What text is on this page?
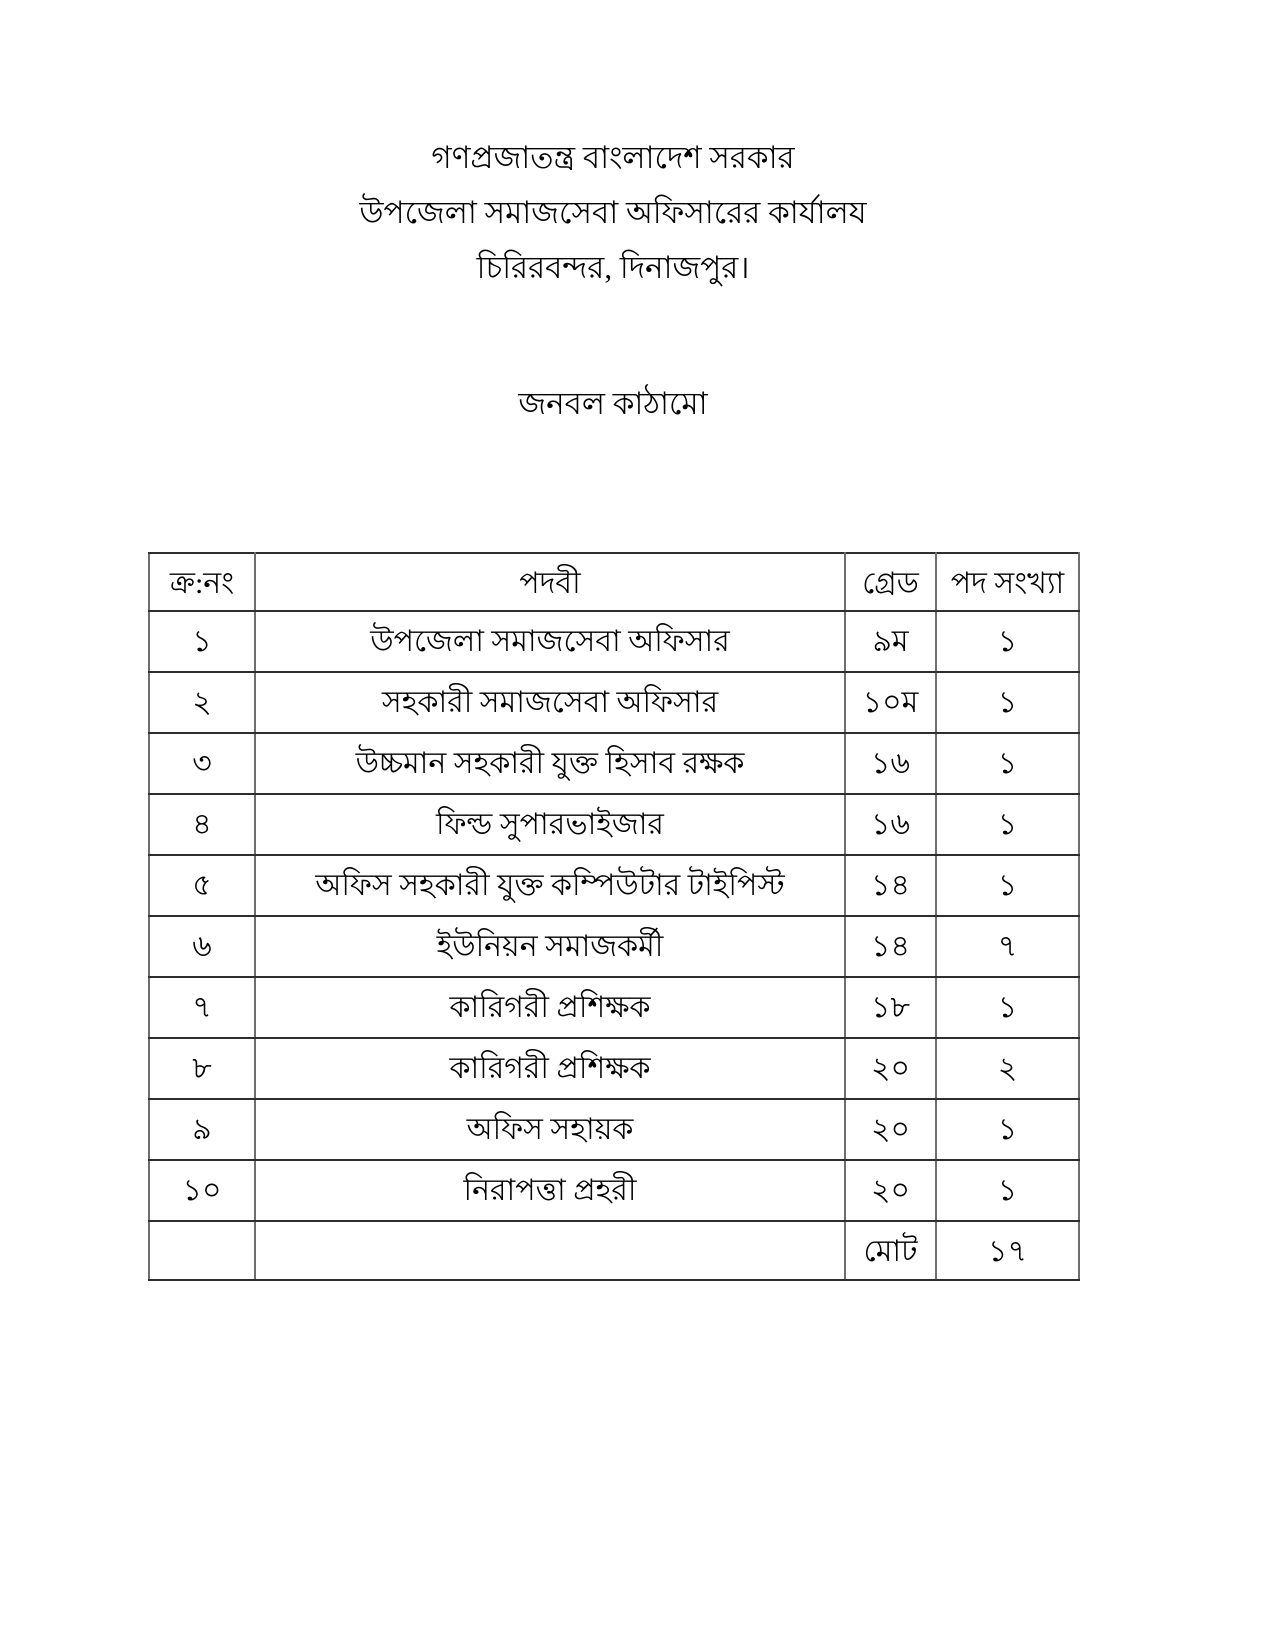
গণপ্রজাতন্ত্র বাংলাদেশ সরকার
উপজেলা সমাজসেবা অফিসারের কার্যালয
চিরিরবন্দর, দিনাজপুর।
জনবল কাঠামো
ক্র:নং	পদবী	গ্রেড	পদ সংখ্যা
১	উপজেলা সমাজসেবা অফিসার	৯ম	১
২	সহকারী সমাজসেবা অফিসার	১০ম	১
৩	উচ্চমান সহকারী যুক্ত হিসাব রক্ষক	১৬	১
৪	ফিল্ড সুপারভাইজার	১৬	১
৫	অফিস সহকারী যুক্ত কম্পিউটার টাইপিস্ট	১৪	১
৬	ইউনিয়ন সমাজকর্মী	১৪	৭
৭	কারিগরী প্রশিক্ষক	১৮	১
৮	কারিগরী প্রশিক্ষক	২০	২
৯	অফিস সহায়ক	২০	১
১০	নিরাপত্তা প্রহরী	২০	১
		মোট	১৭
